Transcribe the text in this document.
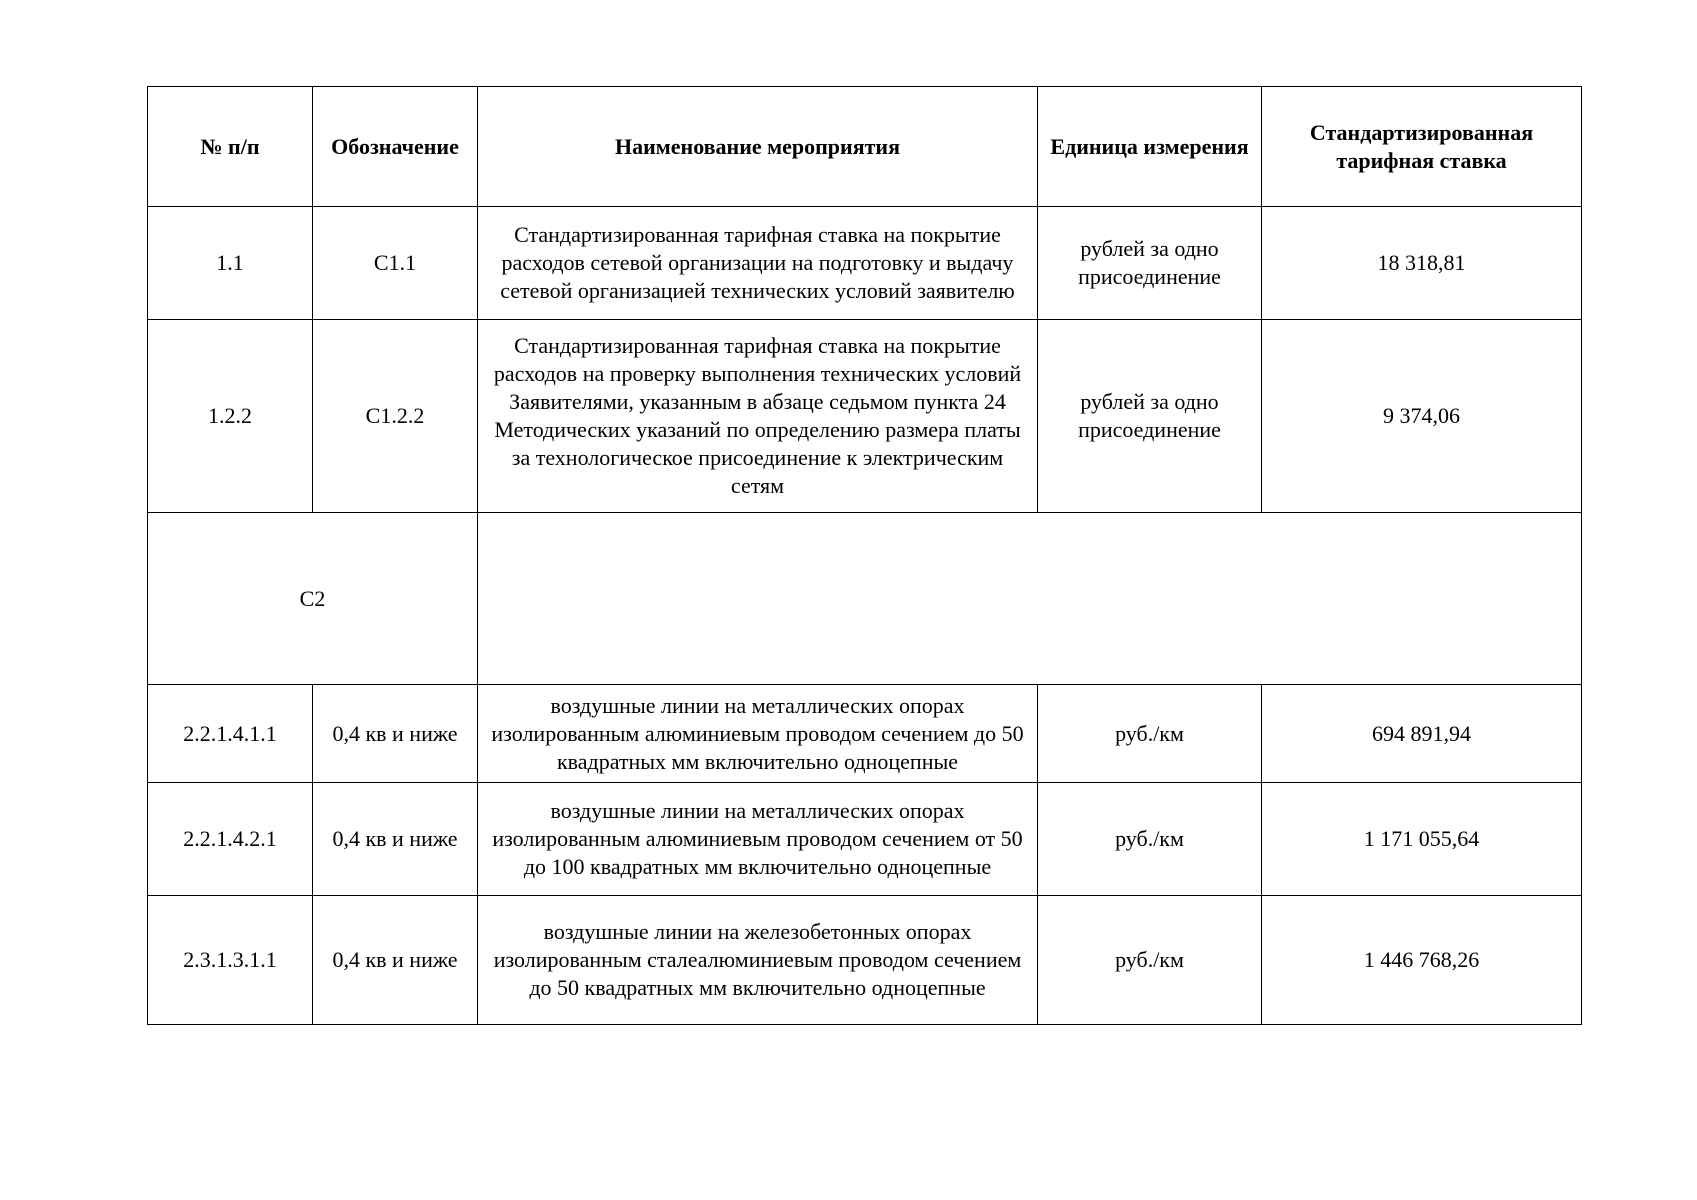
№ п/п	Обозначение	Наименование мероприятия	Единица измерения	Стандартизированная тарифная ставка
1.1	С1.1	Стандартизированная тарифная ставка на покрытие расходов сетевой организации на подготовку и выдачу сетевой организацией технических условий заявителю	рублей за одно присоединение	18 318,81
1.2.2	С1.2.2	Стандартизированная тарифная ставка на покрытие расходов на проверку выполнения технических условий Заявителями, указанным в абзаце седьмом пункта 24 Методических указаний по определению размера платы за технологическое присоединение к электрическим сетям	рублей за одно присоединение	9 374,06
С2				
2.2.1.4.1.1	0,4 кв и ниже	воздушные линии на металлических опорах изолированным алюминиевым проводом сечением до 50 квадратных мм включительно одноцепные	руб./км	694 891,94
2.2.1.4.2.1	0,4 кв и ниже	воздушные линии на металлических опорах изолированным алюминиевым проводом сечением от 50 до 100 квадратных мм включительно одноцепные	руб./км	1 171 055,64
2.3.1.3.1.1	0,4 кв и ниже	воздушные линии на железобетонных опорах изолированным сталеалюминиевым проводом сечением до 50 квадратных мм включительно одноцепные	руб./км	1 446 768,26
